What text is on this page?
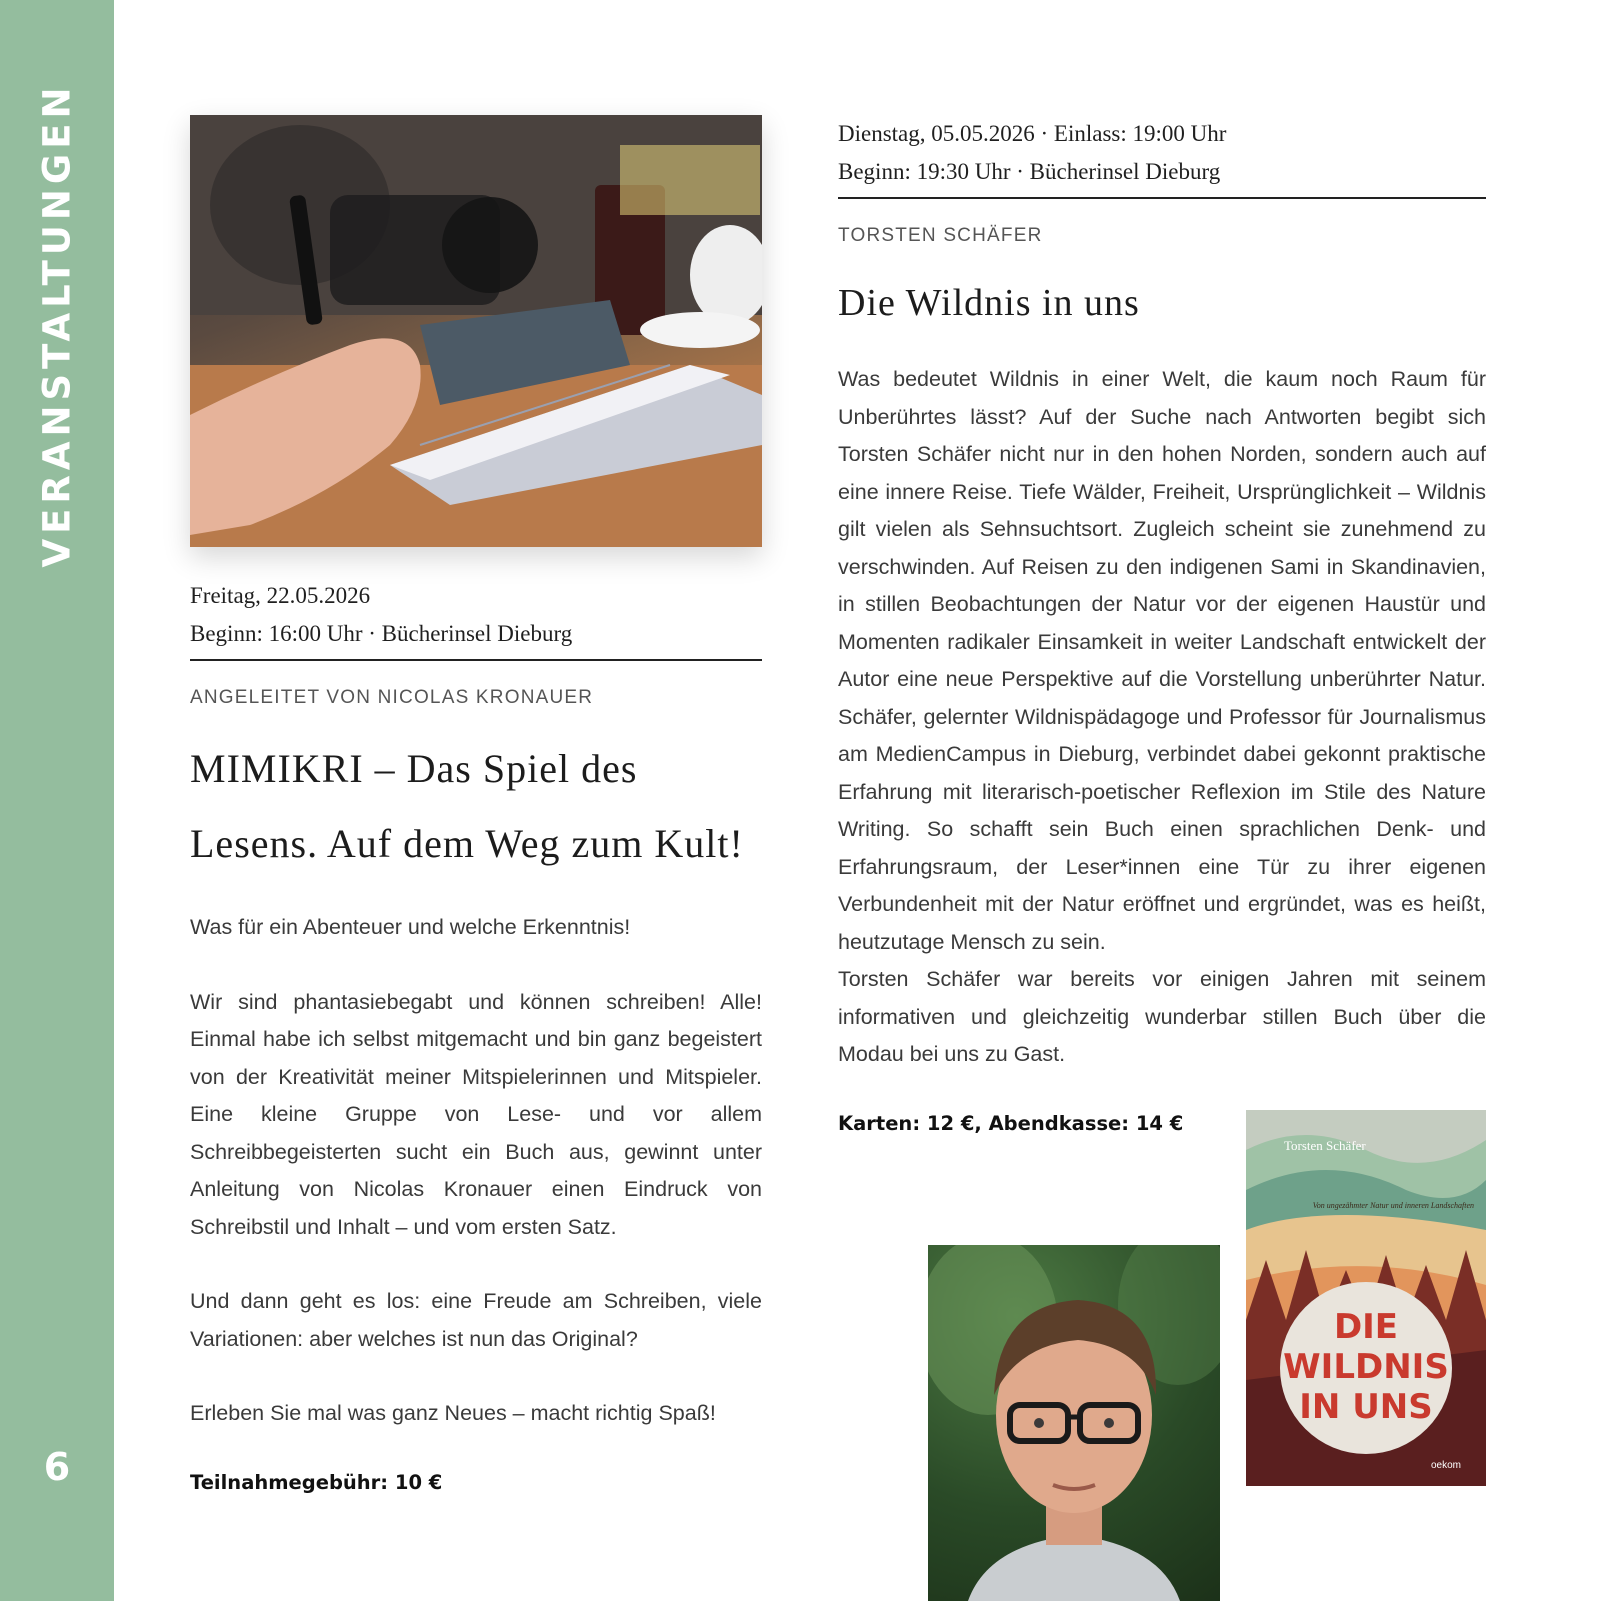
VERANSTALTUNGEN
6
Freitag, 22.05.2026
Beginn: 16:00 Uhr · Bücherinsel Dieburg
ANGELEITET VON NICOLAS KRONAUER
MIMIKRI – Das Spiel des
Lesens. Auf dem Weg zum Kult!

Was für ein Abenteuer und welche Erkenntnis!

Wir sind phantasiebegabt und können schreiben! Alle! Einmal habe ich selbst mitgemacht und bin ganz begeistert von der Kreativität meiner Mitspielerinnen und Mitspieler. Eine kleine Gruppe von Lese- und vor allem Schreibbegeisterten sucht ein Buch aus, gewinnt unter Anleitung von Nicolas Kronauer einen Eindruck von Schreibstil und Inhalt – und vom ersten Satz.

Und dann geht es los: eine Freude am Schreiben, viele Variationen: aber welches ist nun das Original?

Erleben Sie mal was ganz Neues – macht richtig Spaß!

Teilnahmegebühr: 10 €
Dienstag, 05.05.2026 · Einlass: 19:00 Uhr
Beginn: 19:30 Uhr · Bücherinsel Dieburg
TORSTEN SCHÄFER
Die Wildnis in uns

Was bedeutet Wildnis in einer Welt, die kaum noch Raum für Unberührtes lässt? Auf der Suche nach Antworten begibt sich Torsten Schäfer nicht nur in den hohen Norden, sondern auch auf eine innere Reise. Tiefe Wälder, Freiheit, Ursprünglichkeit – Wildnis gilt vielen als Sehnsuchtsort. Zugleich scheint sie zunehmend zu verschwinden. Auf Reisen zu den indigenen Sami in Skandinavien, in stillen Beobachtungen der Natur vor der eigenen Haustür und Momenten radikaler Einsamkeit in weiter Landschaft entwickelt der Autor eine neue Perspektive auf die Vorstellung unberührter Natur. Schäfer, gelernter Wildnispädagoge und Professor für Journalismus am MedienCampus in Dieburg, verbindet dabei gekonnt praktische Erfahrung mit literarisch-poetischer Reflexion im Stile des Nature Writing. So schafft sein Buch einen sprachlichen Denk- und Erfahrungsraum, der Leser*innen eine Tür zu ihrer eigenen Verbundenheit mit der Natur eröffnet und ergründet, was es heißt, heutzutage Mensch zu sein.

Torsten Schäfer war bereits vor einigen Jahren mit seinem informativen und gleichzeitig wunderbar stillen Buch über die Modau bei uns zu Gast.

Karten: 12 €, Abendkasse: 14 €
Torsten Schäfer
Von ungezähmter Natur und inneren Landschaften
DIE
WILDNIS
IN UNS
oekom
